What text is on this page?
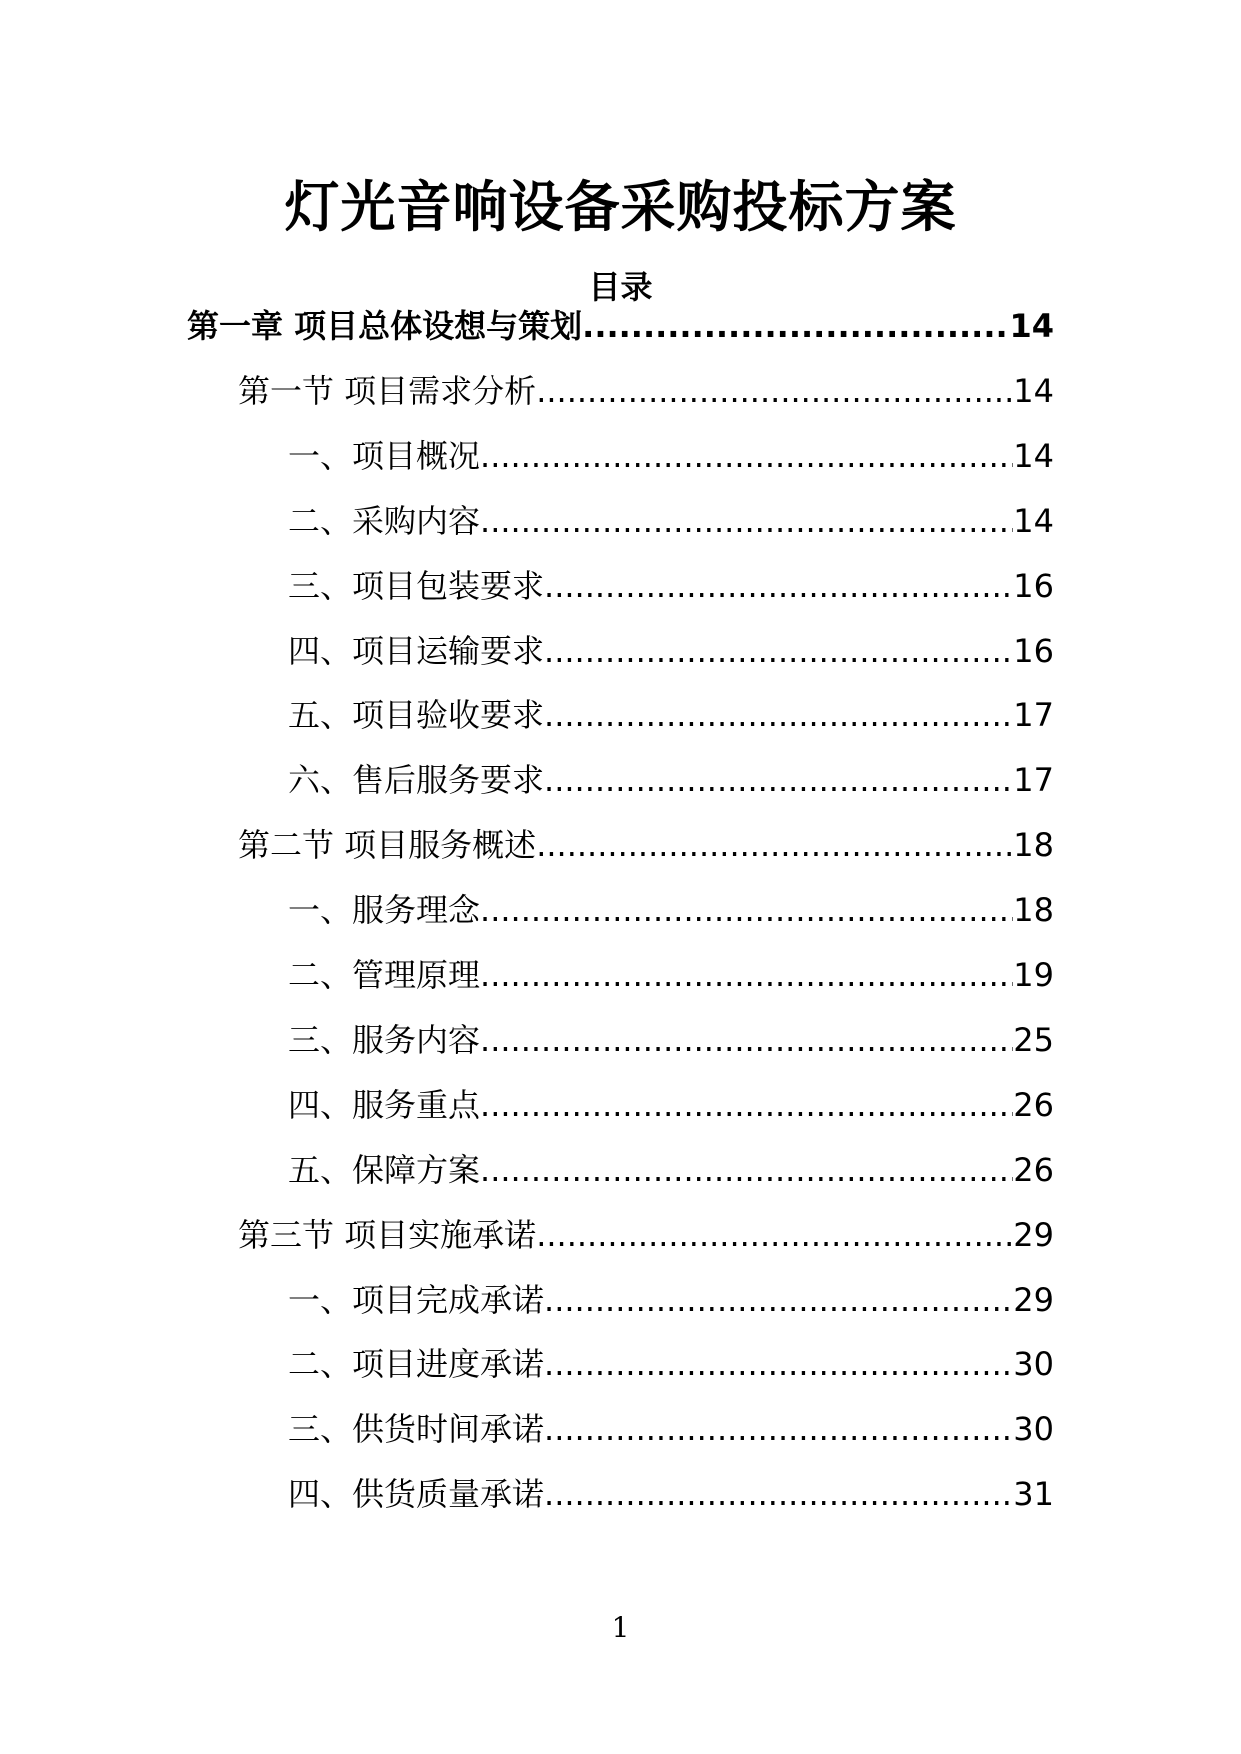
灯光音响设备采购投标方案
目录
第一章 项目总体设想与策划 .....	14
第一节 项目需求分析 .....	14
一、项目概况 .....	14
二、采购内容 .....	14
三、项目包装要求 .....	16
四、项目运输要求 .....	16
五、项目验收要求 .....	17
六、售后服务要求 .....	17
第二节 项目服务概述 .....	18
一、服务理念 .....	18
二、管理原理 .....	19
三、服务内容 .....	25
四、服务重点 .....	26
五、保障方案 .....	26
第三节 项目实施承诺 .....	29
一、项目完成承诺 .....	29
二、项目进度承诺 .....	30
三、供货时间承诺 .....	30
四、供货质量承诺 .....	31
1
